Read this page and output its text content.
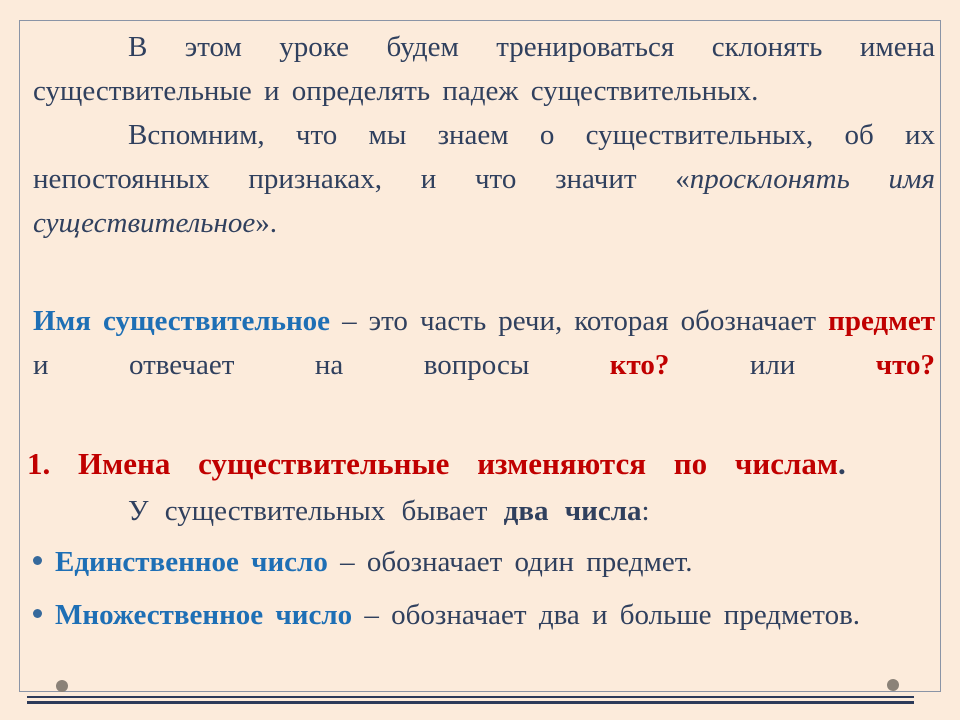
В этом уроке будем тренироваться склонять имена существительные и определять падеж существительных.

Вспомним, что мы знаем о существительных, об их непостоянных признаках, и что значит «просклонять имя существительное».

Имя существительное – это часть речи, которая обозначает предмет и отвечает на вопросы кто? или что?

1. Имена существительные изменяются по числам.

У существительных бывает два числа:

Единственное число – обозначает один предмет.
Множественное число – обозначает два и больше предметов.
